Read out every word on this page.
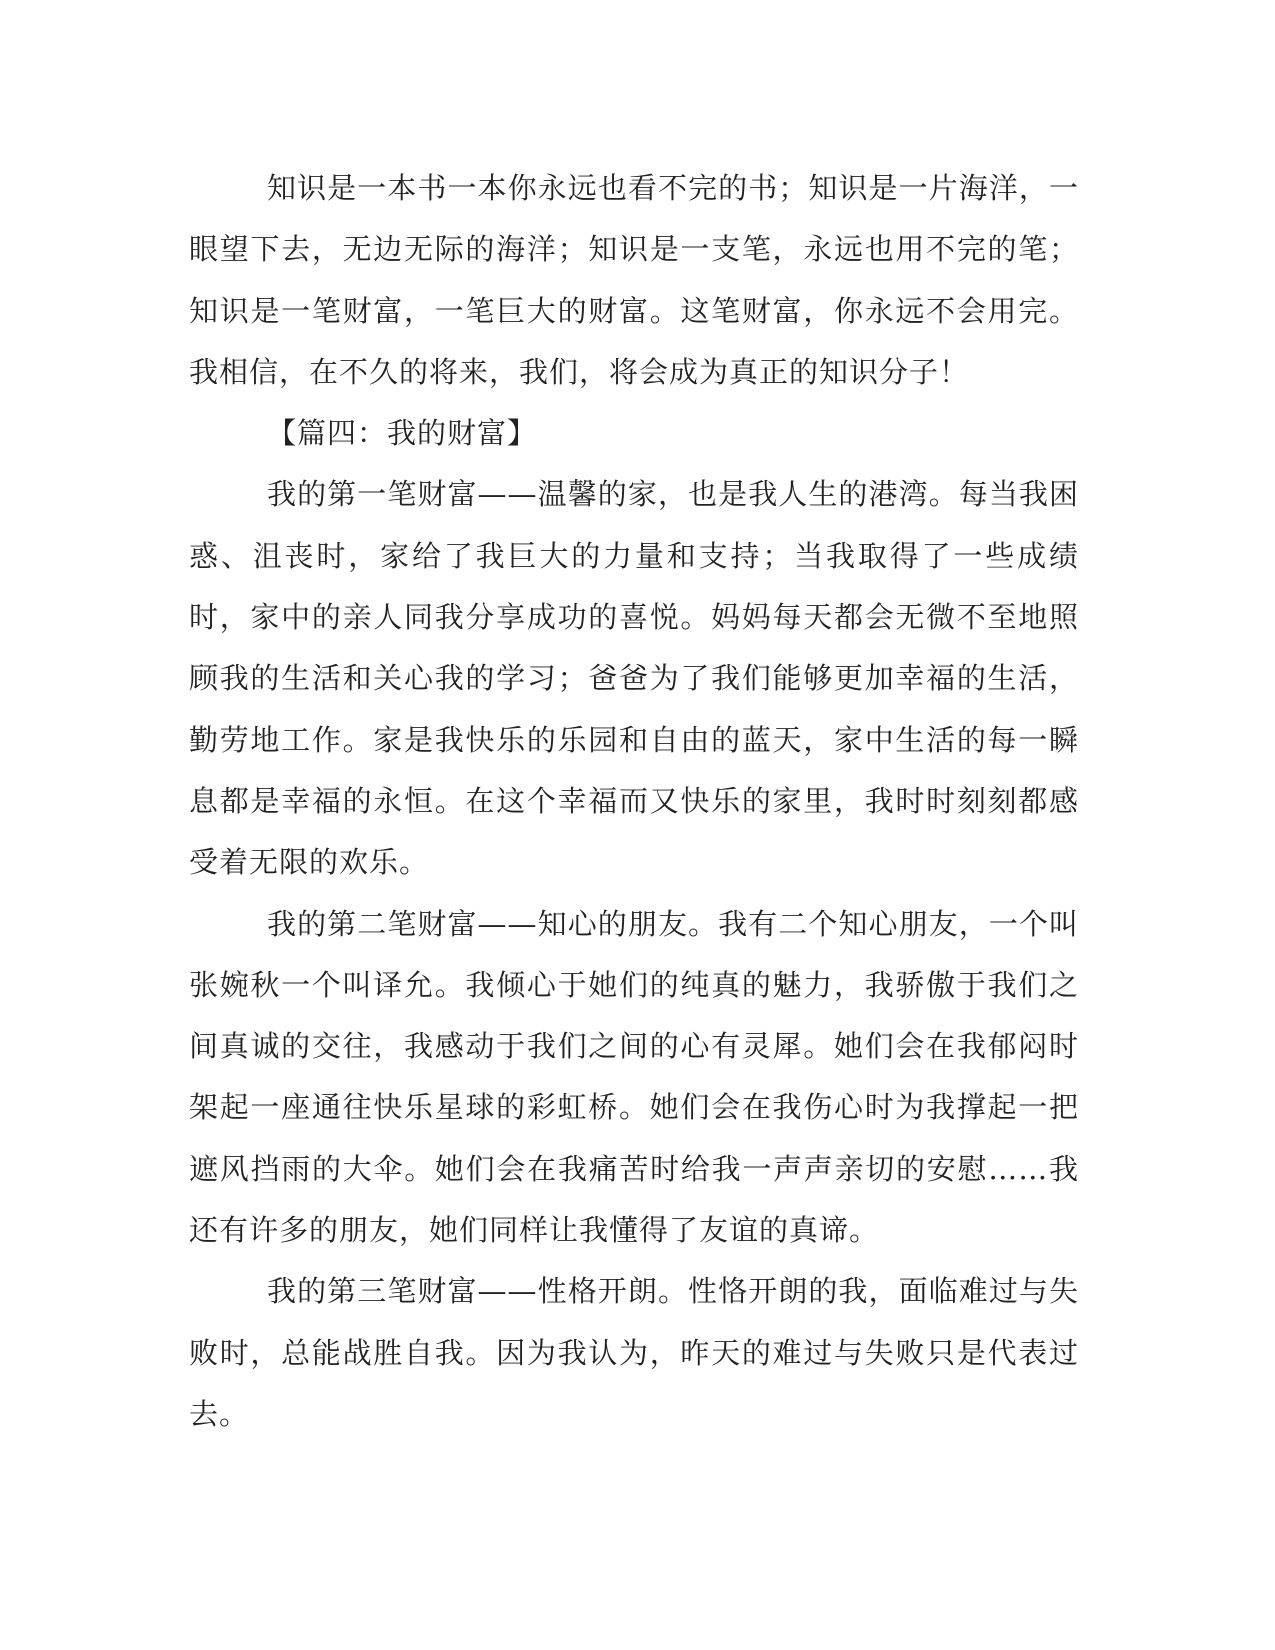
知识是一本书一本你永远也看不完的书；知识是一片海洋，一眼望下去，无边无际的海洋；知识是一支笔，永远也用不完的笔；知识是一笔财富，一笔巨大的财富。这笔财富，你永远不会用完。我相信，在不久的将来，我们，将会成为真正的知识分子！

【篇四：我的财富】

我的第一笔财富——温馨的家，也是我人生的港湾。每当我困惑、沮丧时，家给了我巨大的力量和支持；当我取得了一些成绩时，家中的亲人同我分享成功的喜悦。妈妈每天都会无微不至地照顾我的生活和关心我的学习；爸爸为了我们能够更加幸福的生活，勤劳地工作。家是我快乐的乐园和自由的蓝天，家中生活的每一瞬息都是幸福的永恒。在这个幸福而又快乐的家里，我时时刻刻都感受着无限的欢乐。

我的第二笔财富——知心的朋友。我有二个知心朋友，一个叫张婉秋一个叫译允。我倾心于她们的纯真的魅力，我骄傲于我们之间真诚的交往，我感动于我们之间的心有灵犀。她们会在我郁闷时架起一座通往快乐星球的彩虹桥。她们会在我伤心时为我撑起一把遮风挡雨的大伞。她们会在我痛苦时给我一声声亲切的安慰……我还有许多的朋友，她们同样让我懂得了友谊的真谛。

我的第三笔财富——性格开朗。性恪开朗的我，面临难过与失败时，总能战胜自我。因为我认为，昨天的难过与失败只是代表过去。
